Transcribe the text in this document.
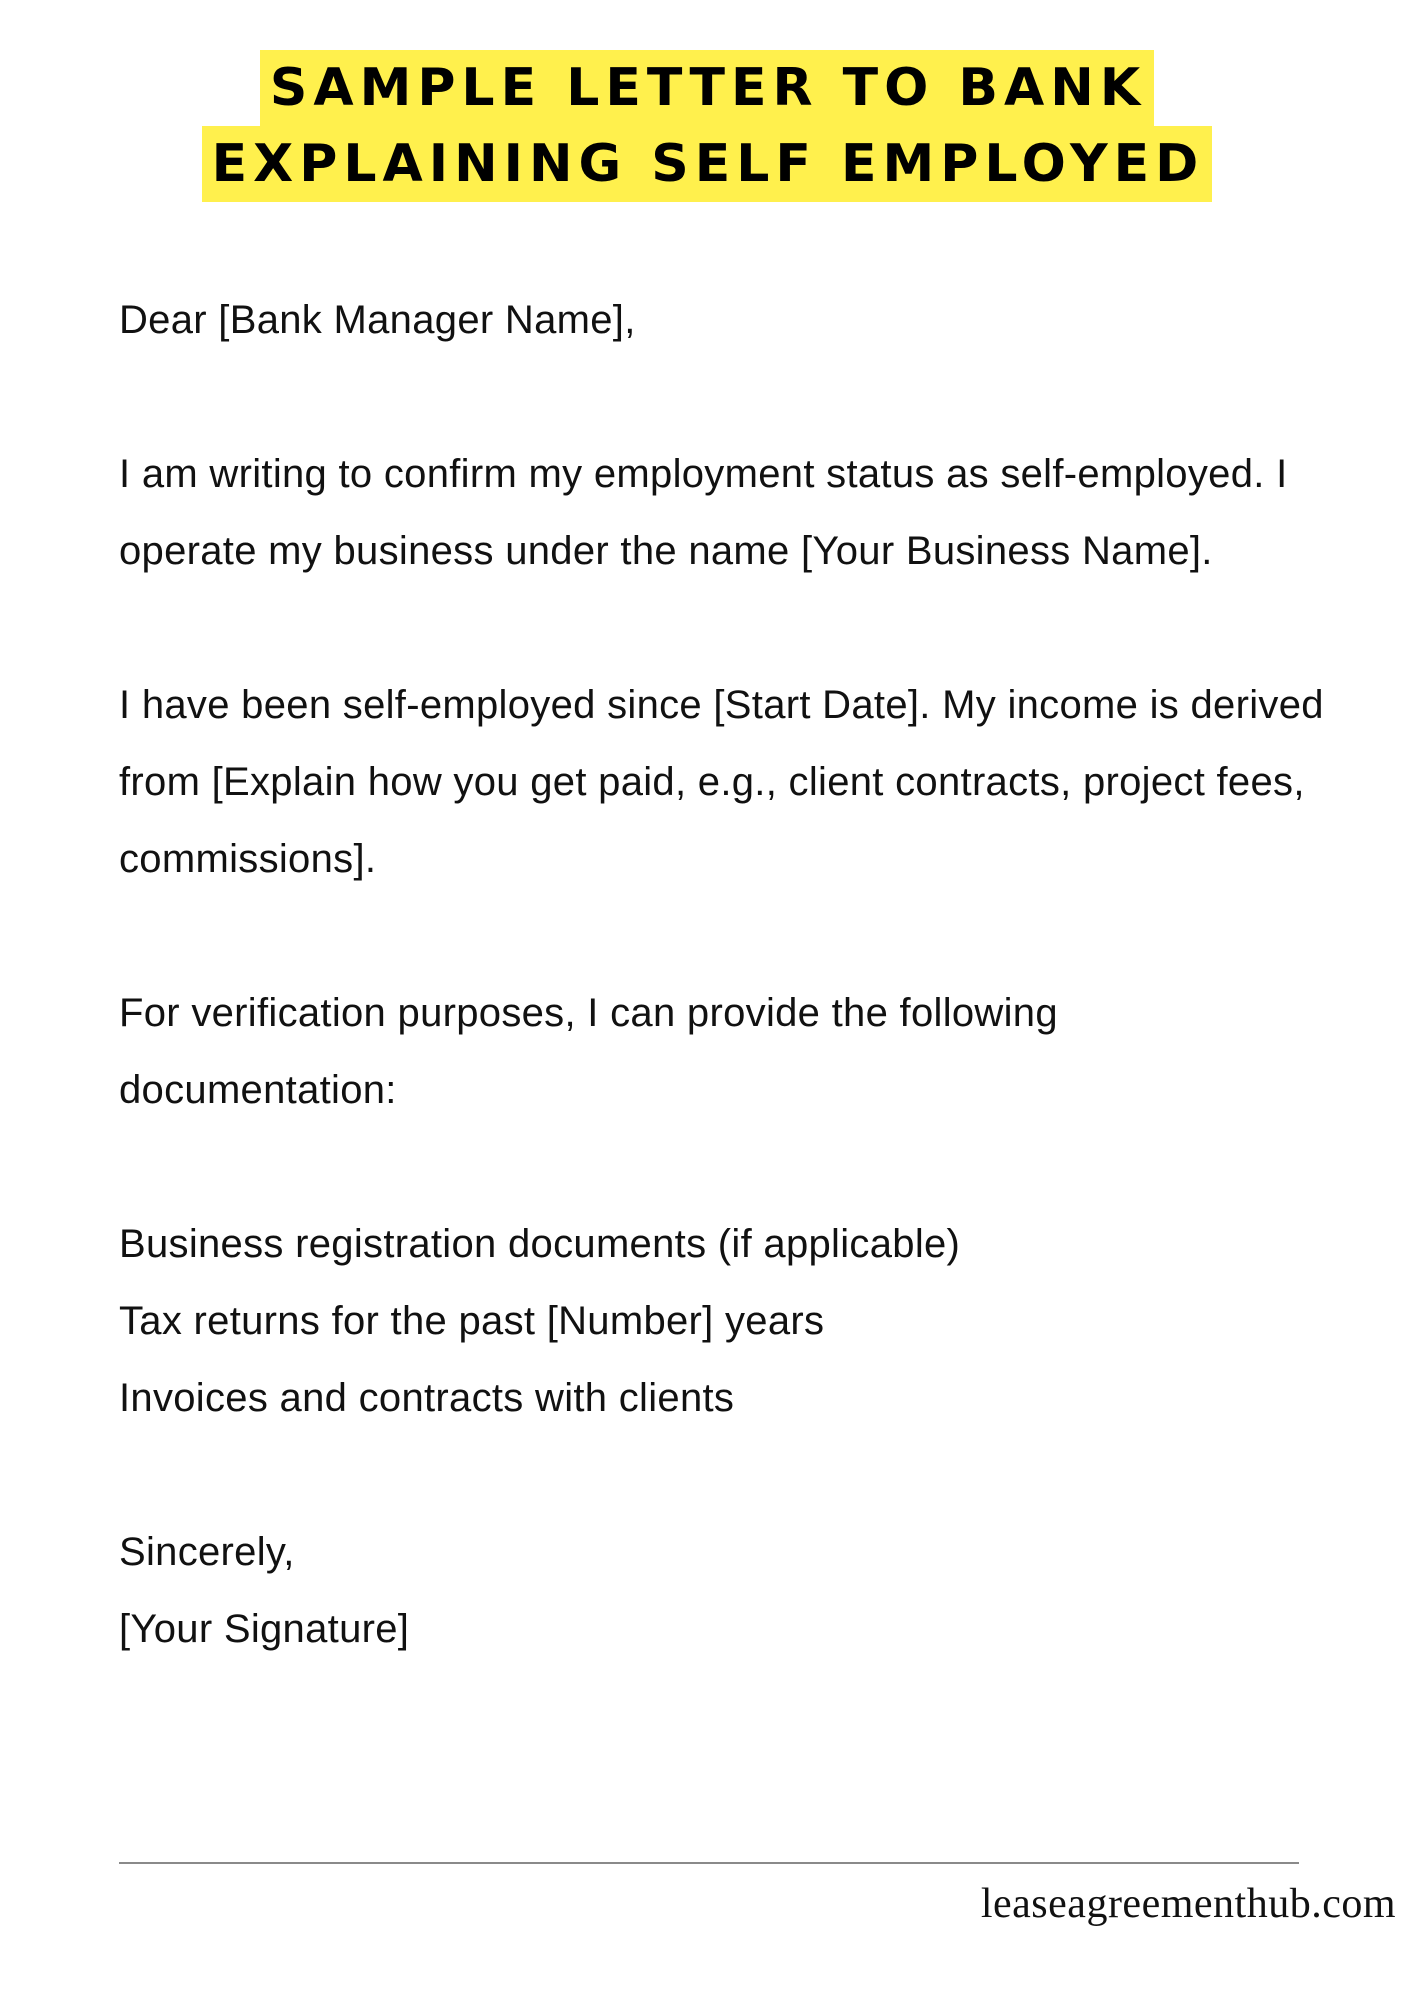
SAMPLE LETTER TO BANK
EXPLAINING SELF EMPLOYED

Dear [Bank Manager Name],

I am writing to confirm my employment status as self-employed. I operate my business under the name [Your Business Name].

I have been self-employed since [Start Date]. My income is derived from [Explain how you get paid, e.g., client contracts, project fees, commissions].

For verification purposes, I can provide the following documentation:

Business registration documents (if applicable)
Tax returns for the past [Number] years
Invoices and contracts with clients
Sincerely,
[Your Signature]
leaseagreementhub.com
